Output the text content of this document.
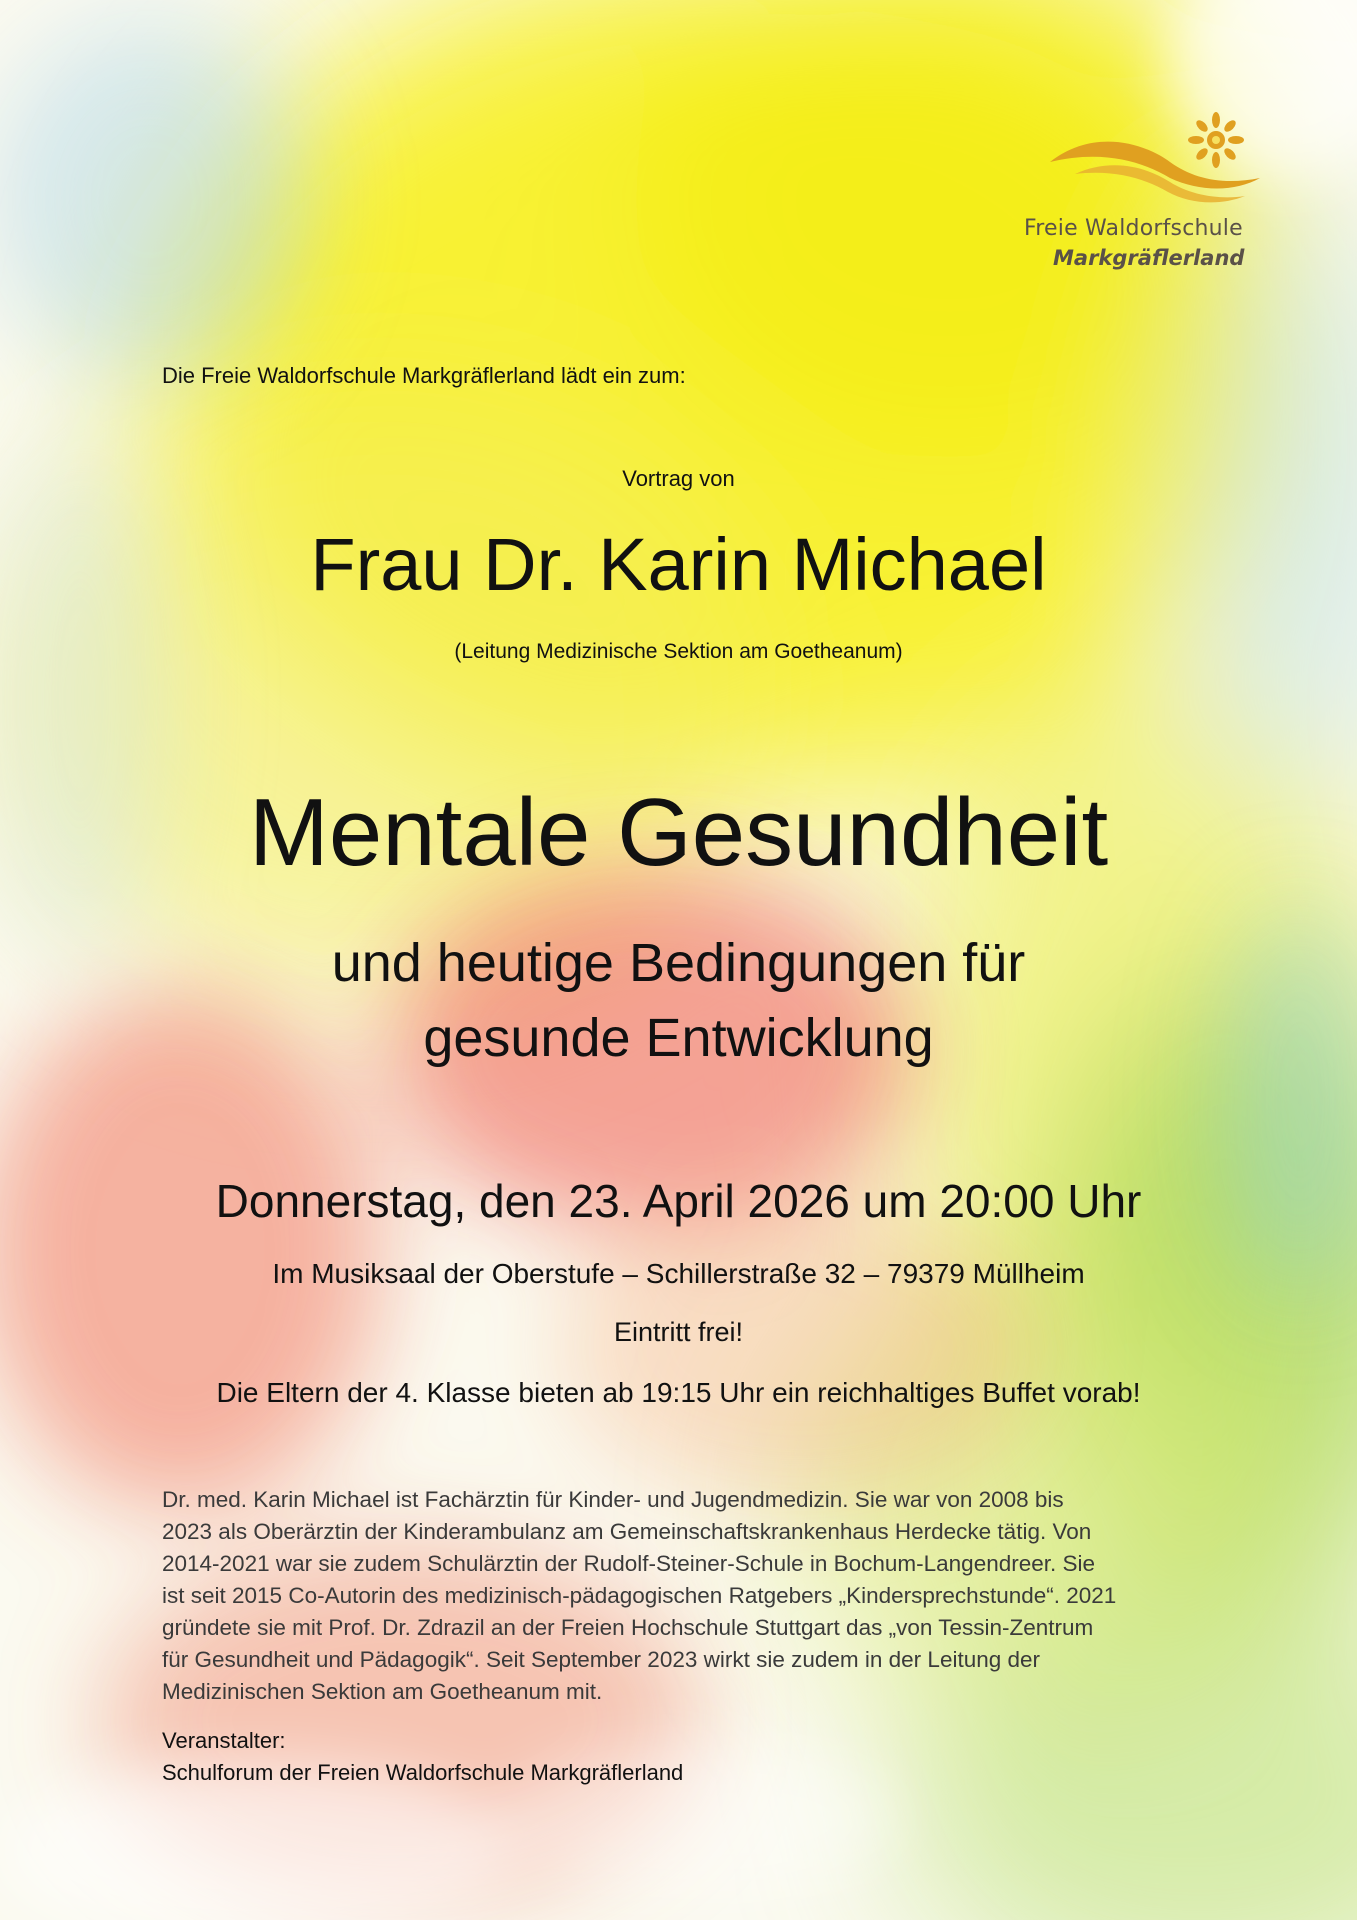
Freie Waldorfschule
Markgräflerland
Die Freie Waldorfschule Markgräflerland lädt ein zum:
Vortrag von
Frau Dr. Karin Michael
(Leitung Medizinische Sektion am Goetheanum)
Mentale Gesundheit
und heutige Bedingungen für
gesunde Entwicklung
Donnerstag, den 23. April 2026 um 20:00 Uhr
Im Musiksaal der Oberstufe – Schillerstraße 32 – 79379 Müllheim
Eintritt frei!
Die Eltern der 4. Klasse bieten ab 19:15 Uhr ein reichhaltiges Buffet vorab!
Dr. med. Karin Michael ist Fachärztin für Kinder- und Jugendmedizin. Sie war von 2008 bis
2023 als Oberärztin der Kinderambulanz am Gemeinschaftskrankenhaus Herdecke tätig. Von
2014-2021 war sie zudem Schulärztin der Rudolf-Steiner-Schule in Bochum-Langendreer. Sie
ist seit 2015 Co-Autorin des medizinisch-pädagogischen Ratgebers „Kindersprechstunde“. 2021
gründete sie mit Prof. Dr. Zdrazil an der Freien Hochschule Stuttgart das „von Tessin-Zentrum
für Gesundheit und Pädagogik“. Seit September 2023 wirkt sie zudem in der Leitung der
Medizinischen Sektion am Goetheanum mit.
Veranstalter:
Schulforum der Freien Waldorfschule Markgräflerland
